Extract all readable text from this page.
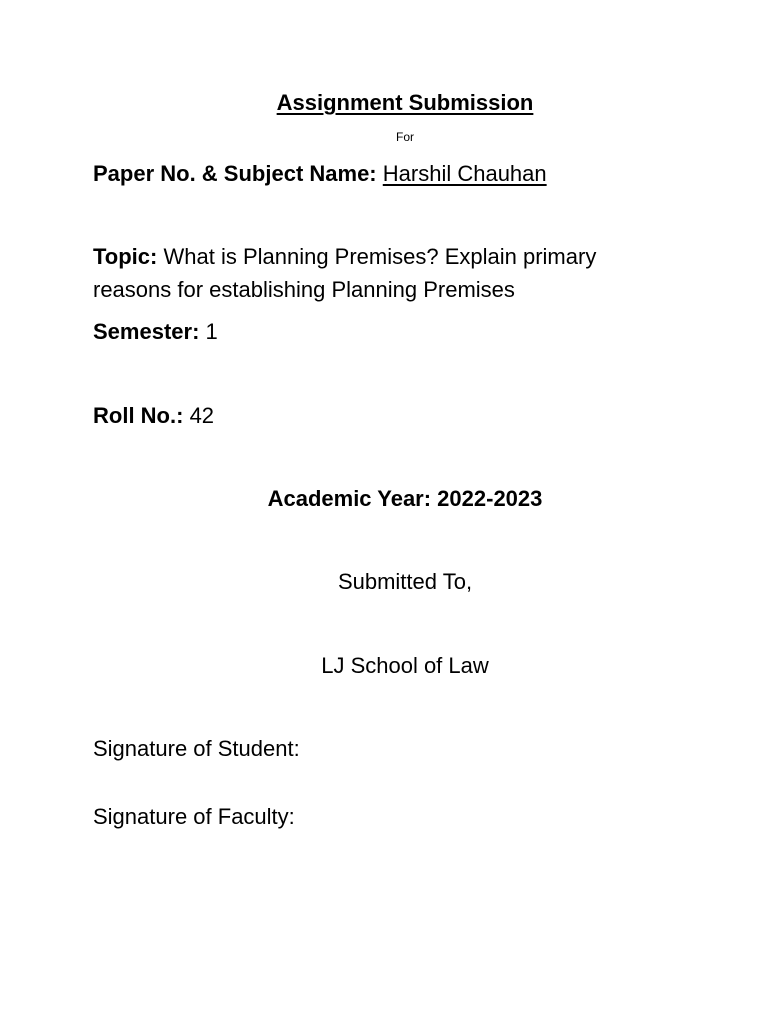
Assignment Submission
For
Paper No. & Subject Name: Harshil Chauhan
Topic: What is Planning Premises? Explain primary reasons for establishing Planning Premises
Semester: 1
Roll No.: 42
Academic Year: 2022-2023
Submitted To,
LJ School of Law
Signature of Student:
Signature of Faculty:
